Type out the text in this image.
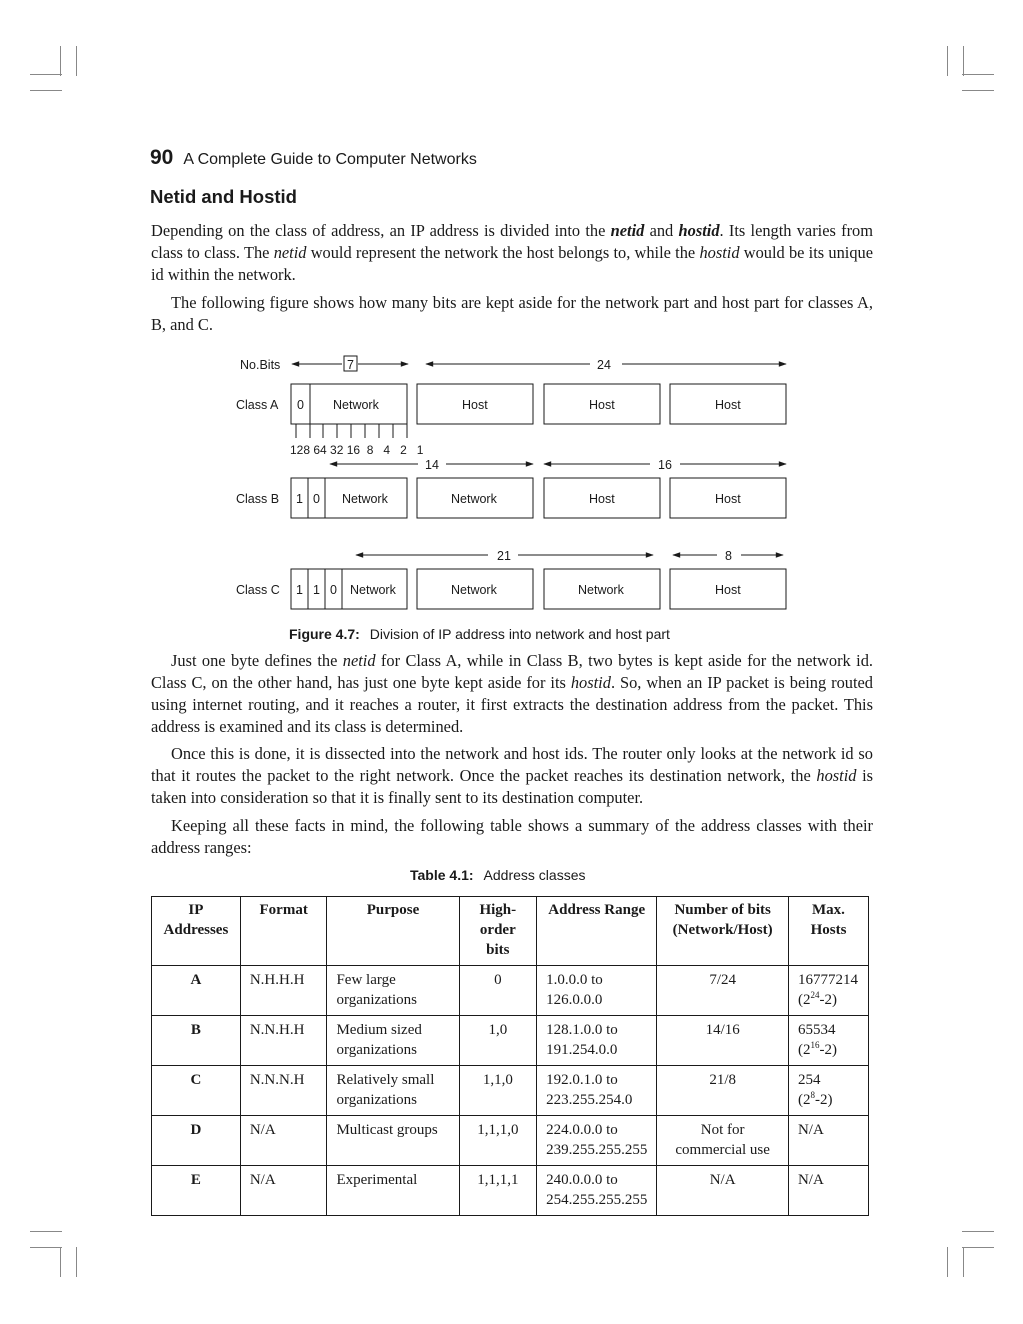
90 A Complete Guide to Computer Networks
Netid and Hostid

Depending on the class of address, an IP address is divided into the netid and hostid. Its length varies from class to class. The netid would represent the network the host belongs to, while the hostid would be its unique id within the network.

The following figure shows how many bits are kept aside for the network part and host part for classes A, B, and C.

No.Bits	7	24
Class A 0 Network	Host	Host	Host
128 64 32 16  8   4   2   1
14	16
Class B 1 0 Network	Network	Host	Host
21	8
Class C 1 1 0 Network	Network	Network	Host
Figure 4.7: Division of IP address into network and host part

Just one byte defines the netid for Class A, while in Class B, two bytes is kept aside for the network id. Class C, on the other hand, has just one byte kept aside for its hostid. So, when an IP packet is being routed using internet routing, and it reaches a router, it first extracts the destination address from the packet. This address is examined and its class is determined.

Once this is done, it is dissected into the network and host ids. The router only looks at the network id so that it routes the packet to the right network. Once the packet reaches its destination network, the hostid is taken into consideration so that it is finally sent to its destination computer.

Keeping all these facts in mind, the following table shows a summary of the address classes with their address ranges:

Table 4.1: Address classes
IP Addresses	Format	Purpose	High-order bits	Address Range	Number of bits (Network/Host)	Max. Hosts
A	N.H.H.H	Few large organizations	0	1.0.0.0 to 126.0.0.0	7/24	16777214
$(2^{24}-2)$
B	N.N.H.H	Medium sized organizations	1,0	128.1.0.0 to 191.254.0.0	14/16	65534
$(2^{16}-2)$
C	N.N.N.H	Relatively small organizations	1,1,0	192.0.1.0 to 223.255.254.0	21/8	254
$(2^8-2)$
D	N/A	Multicast groups	1,1,1,0	224.0.0.0 to 239.255.255.255	Not for commercial use	N/A
E	N/A	Experimental	1,1,1,1	240.0.0.0 to 254.255.255.255	N/A	N/A
